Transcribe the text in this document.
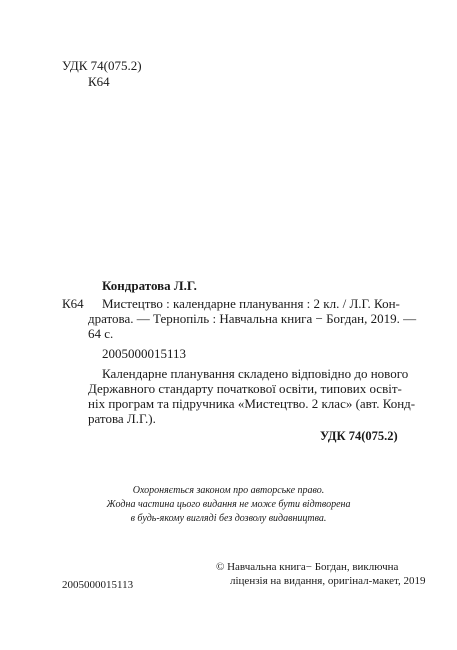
УДК 74(075.2)
К64
Кондратова Л.Г.
К64 Мистецтво : календарне планування : 2 кл. / Л.Г. Кон-
дратова. — Тернопіль : Навчальна книга − Богдан, 2019. —
64 с.
2005000015113
Календарне планування складено відповідно до нового
Державного стандарту початкової освіти, типових освіт-
ніх програм та підручника «Мистецтво. 2 клас» (авт. Конд-
ратова Л.Г.).
УДК 74(075.2)
Охороняється законом про авторське право.
Жодна частина цього видання не може бути відтворена
в будь-якому вигляді без дозволу видавництва.
2005000015113
© Навчальна книга− Богдан, виключна
ліцензія на видання, оригінал-макет, 2019
